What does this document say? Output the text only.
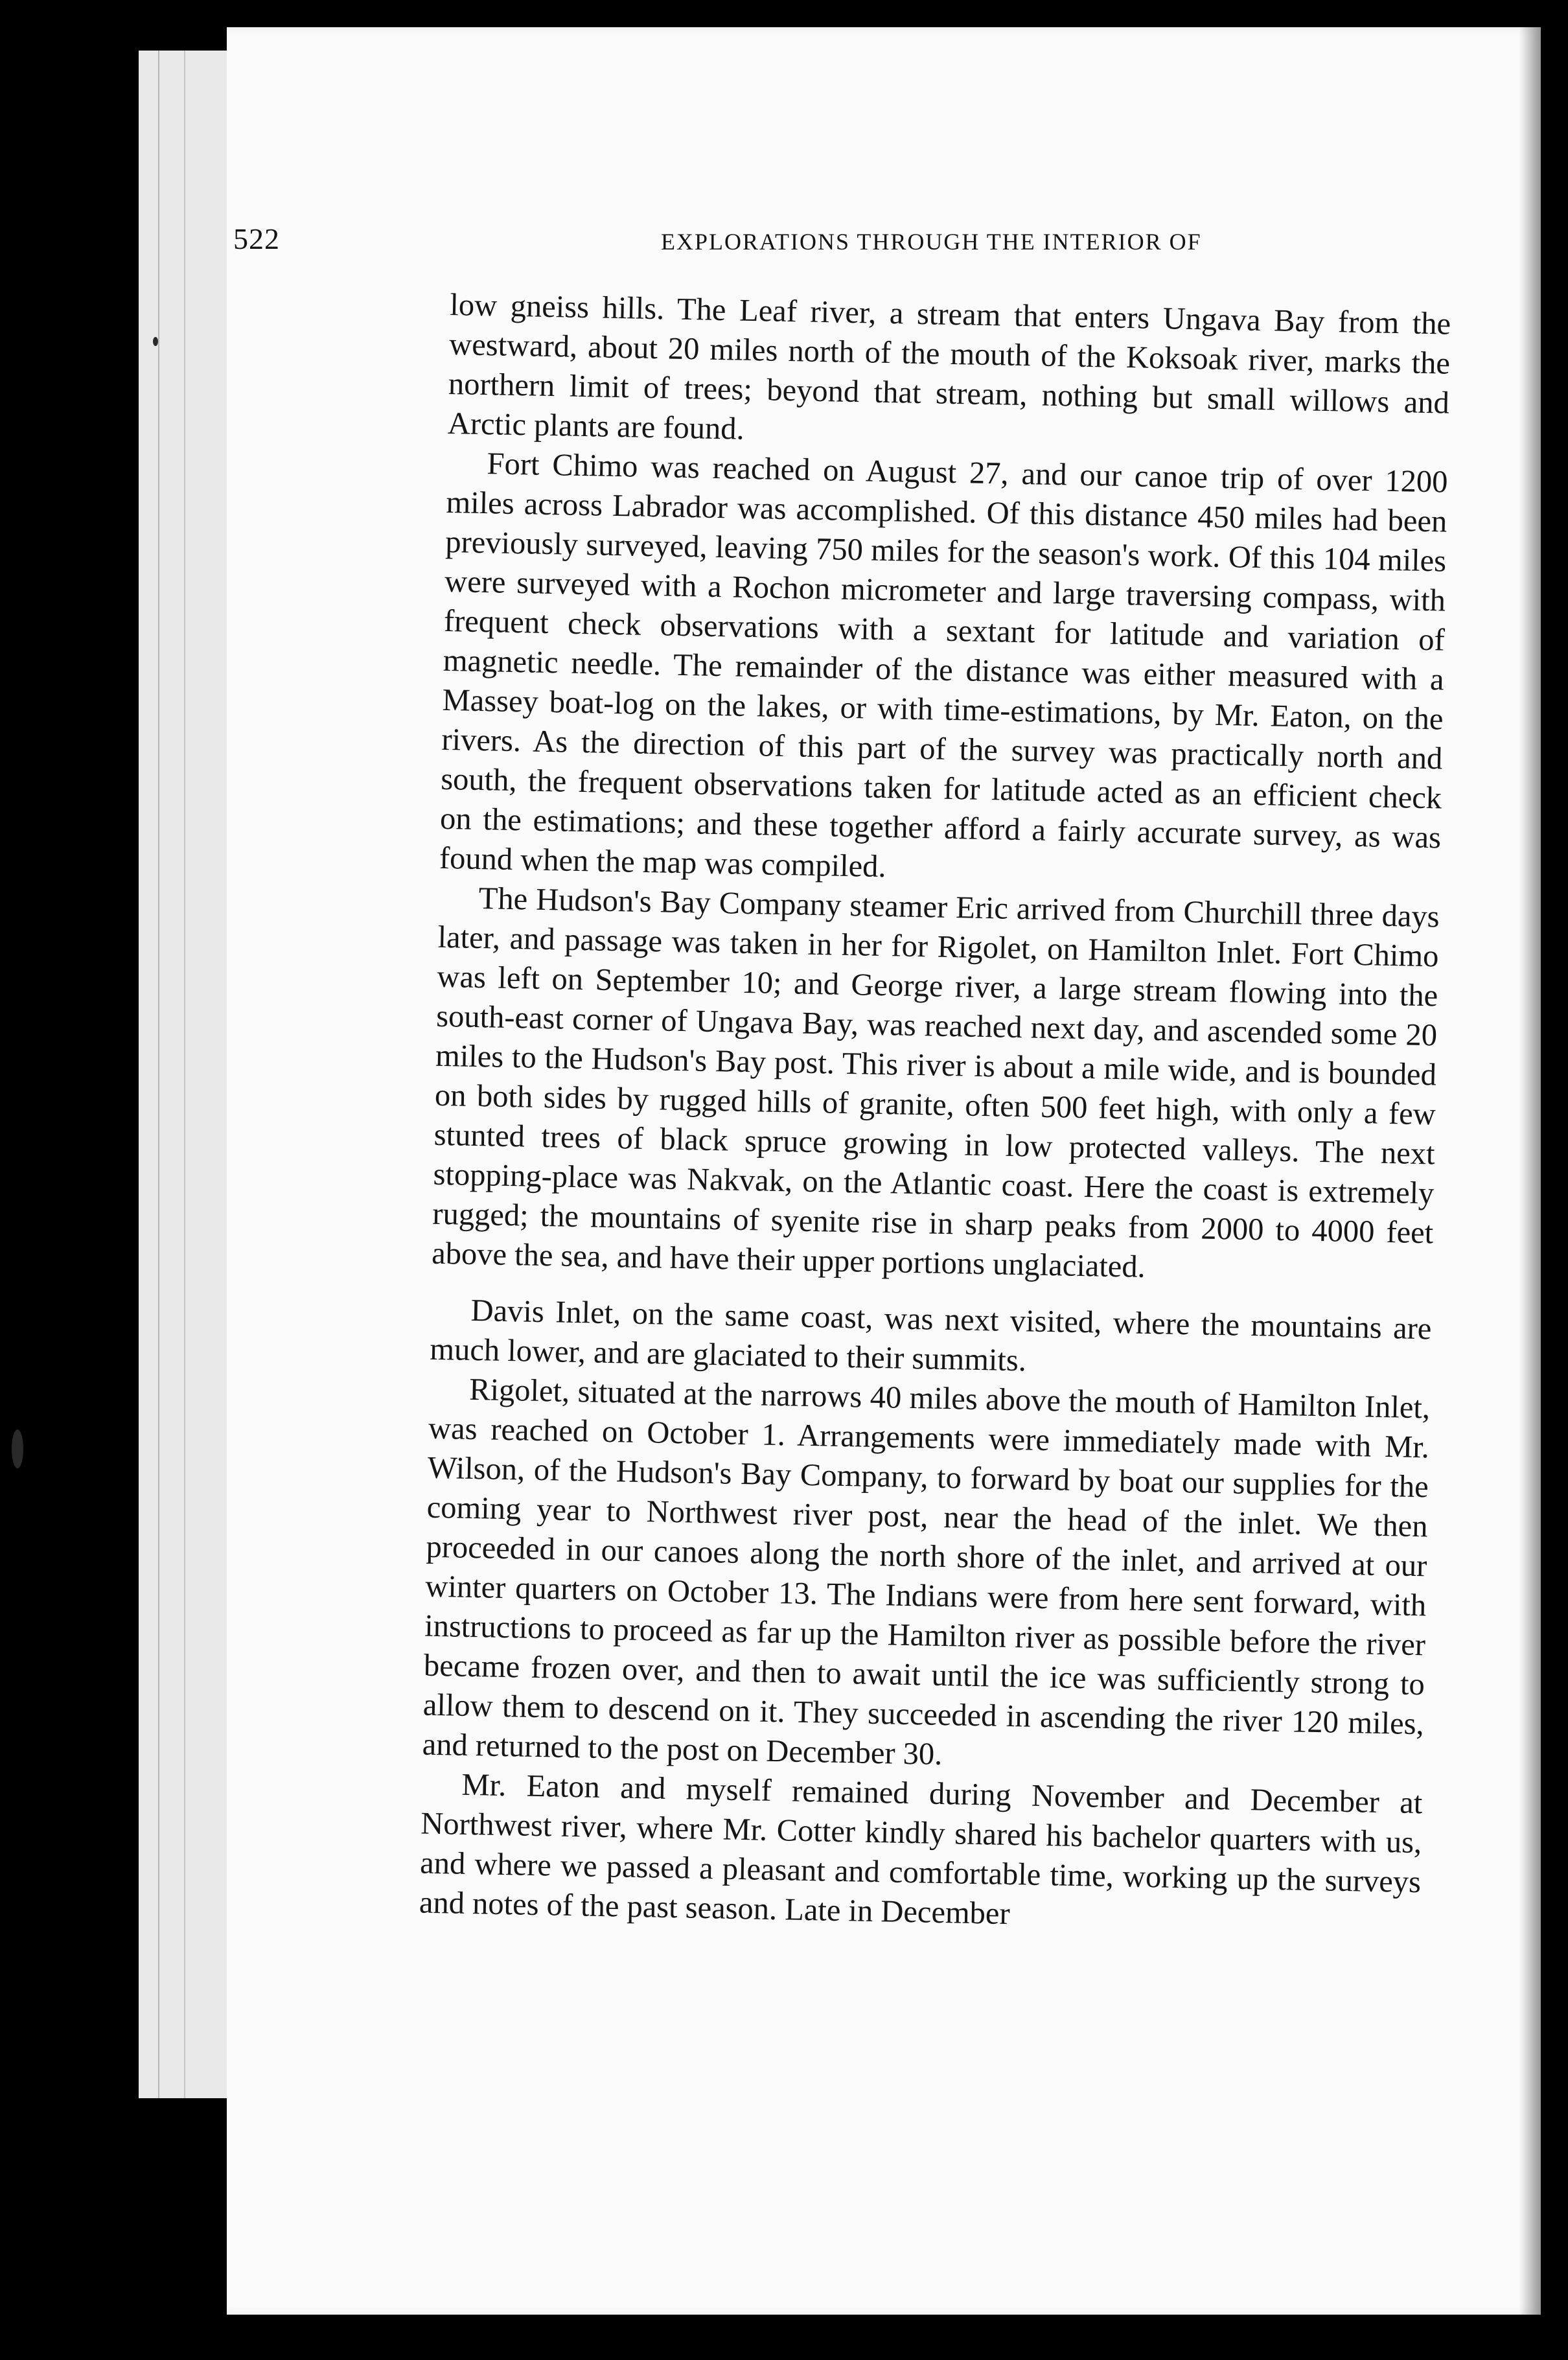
522	EXPLORATIONS THROUGH THE INTERIOR OF

low gneiss hills. The Leaf river, a stream that enters Ungava Bay from the westward, about 20 miles north of the mouth of the Koksoak river, marks the northern limit of trees; beyond that stream, nothing but small willows and Arctic plants are found.

Fort Chimo was reached on August 27, and our canoe trip of over 1200 miles across Labrador was accomplished. Of this distance 450 miles had been previously surveyed, leaving 750 miles for the season's work. Of this 104 miles were surveyed with a Rochon micrometer and large traversing compass, with frequent check observations with a sextant for latitude and variation of magnetic needle. The remainder of the distance was either measured with a Massey boat-log on the lakes, or with time-estimations, by Mr. Eaton, on the rivers. As the direction of this part of the survey was practically north and south, the frequent observations taken for latitude acted as an efficient check on the estimations; and these together afford a fairly accurate survey, as was found when the map was compiled.

The Hudson's Bay Company steamer Eric arrived from Churchill three days later, and passage was taken in her for Rigolet, on Hamilton Inlet. Fort Chimo was left on September 10; and George river, a large stream flowing into the south-east corner of Ungava Bay, was reached next day, and ascended some 20 miles to the Hudson's Bay post. This river is about a mile wide, and is bounded on both sides by rugged hills of granite, often 500 feet high, with only a few stunted trees of black spruce growing in low protected valleys. The next stopping-place was Nakvak, on the Atlantic coast. Here the coast is extremely rugged; the mountains of syenite rise in sharp peaks from 2000 to 4000 feet above the sea, and have their upper portions unglaciated.

Davis Inlet, on the same coast, was next visited, where the mountains are much lower, and are glaciated to their summits.

Rigolet, situated at the narrows 40 miles above the mouth of Hamilton Inlet, was reached on October 1. Arrangements were immediately made with Mr. Wilson, of the Hudson's Bay Company, to forward by boat our supplies for the coming year to Northwest river post, near the head of the inlet. We then proceeded in our canoes along the north shore of the inlet, and arrived at our winter quarters on October 13. The Indians were from here sent forward, with instructions to proceed as far up the Hamilton river as possible before the river became frozen over, and then to await until the ice was sufficiently strong to allow them to descend on it. They succeeded in ascending the river 120 miles, and returned to the post on December 30.

Mr. Eaton and myself remained during November and December at Northwest river, where Mr. Cotter kindly shared his bachelor quarters with us, and where we passed a pleasant and comfortable time, working up the surveys and notes of the past season. Late in December
